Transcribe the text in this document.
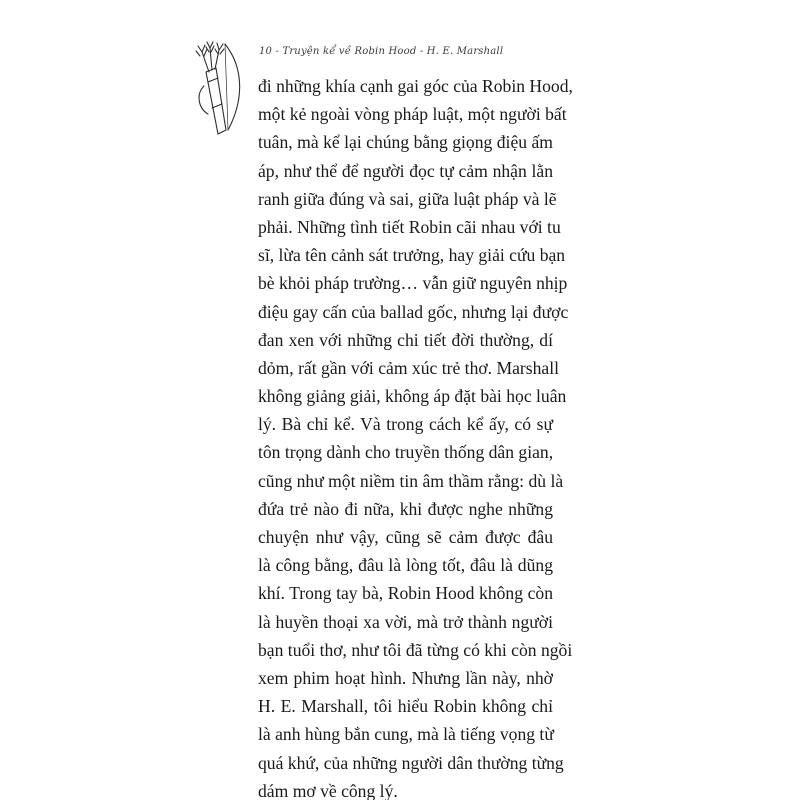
10 - Truyện kể về Robin Hood - H. E. Marshall
đi những khía cạnh gai góc của Robin Hood,
một kẻ ngoài vòng pháp luật, một người bất
tuân, mà kể lại chúng bằng giọng điệu ấm
áp, như thể để người đọc tự cảm nhận lằn
ranh giữa đúng và sai, giữa luật pháp và lẽ
phải. Những tình tiết Robin cãi nhau với tu
sĩ, lừa tên cảnh sát trưởng, hay giải cứu bạn
bè khỏi pháp trường… vẫn giữ nguyên nhịp
điệu gay cấn của ballad gốc, nhưng lại được
đan xen với những chi tiết đời thường, dí
dỏm, rất gần với cảm xúc trẻ thơ. Marshall
không giảng giải, không áp đặt bài học luân
lý. Bà chỉ kể. Và trong cách kể ấy, có sự
tôn trọng dành cho truyền thống dân gian,
cũng như một niềm tin âm thầm rằng: dù là
đứa trẻ nào đi nữa, khi được nghe những
chuyện như vậy, cũng sẽ cảm được đâu
là công bằng, đâu là lòng tốt, đâu là dũng
khí. Trong tay bà, Robin Hood không còn
là huyền thoại xa vời, mà trở thành người
bạn tuổi thơ, như tôi đã từng có khi còn ngồi
xem phim hoạt hình. Nhưng lần này, nhờ
H. E. Marshall, tôi hiểu Robin không chỉ
là anh hùng bắn cung, mà là tiếng vọng từ
quá khứ, của những người dân thường từng
dám mơ về công lý.
